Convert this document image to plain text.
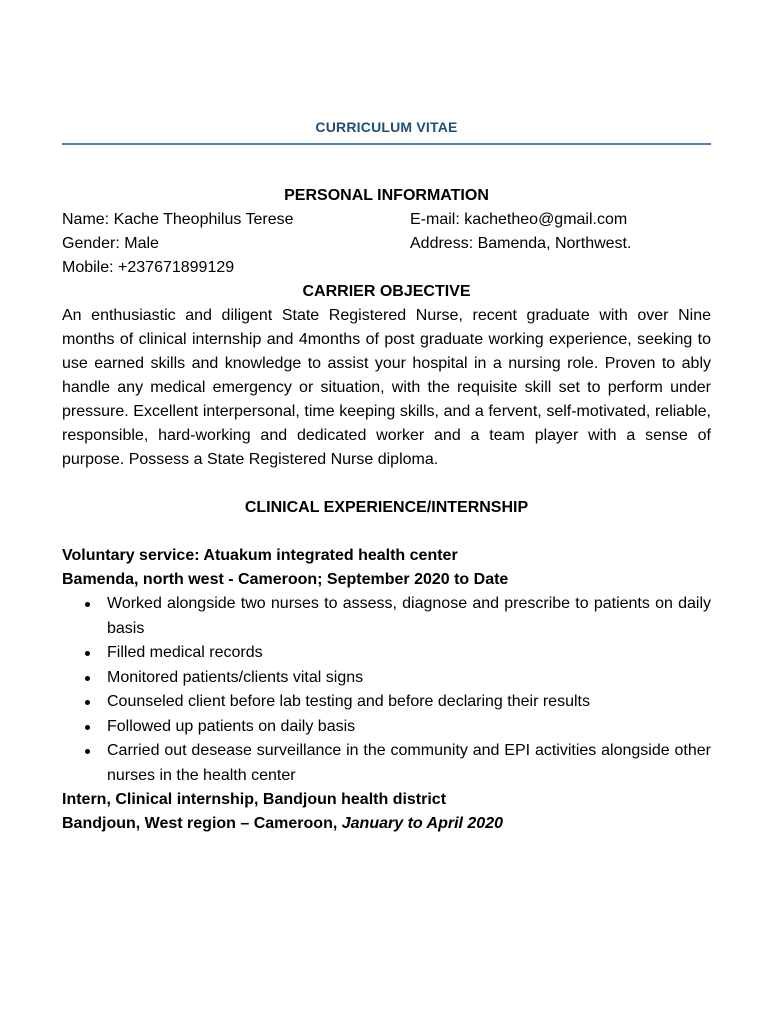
CURRICULUM VITAE
PERSONAL INFORMATION
Name: Kache Theophilus Terese	E-mail: kachetheo@gmail.com
Gender: Male	Address: Bamenda, Northwest.
Mobile: +237671899129
CARRIER OBJECTIVE
An enthusiastic and diligent State Registered Nurse, recent graduate with over Nine months of clinical internship and 4months of post graduate working experience, seeking to use earned skills and knowledge to assist your hospital in a nursing role. Proven to ably handle any medical emergency or situation, with the requisite skill set to perform under pressure. Excellent interpersonal, time keeping skills, and a fervent, self-motivated, reliable, responsible, hard-working and dedicated worker and a team player with a sense of purpose. Possess a State Registered Nurse diploma.
CLINICAL EXPERIENCE/INTERNSHIP
Voluntary service: Atuakum integrated health center
Bamenda, north west - Cameroon; September 2020 to Date
Worked alongside two nurses to assess, diagnose and prescribe to patients on daily basis
Filled medical records
Monitored patients/clients vital signs
Counseled client before lab testing and before declaring their results
Followed up patients on daily basis
Carried out desease surveillance in the community and EPI activities alongside other nurses in the health center
Intern, Clinical internship, Bandjoun health district
Bandjoun, West region – Cameroon, January to April 2020
